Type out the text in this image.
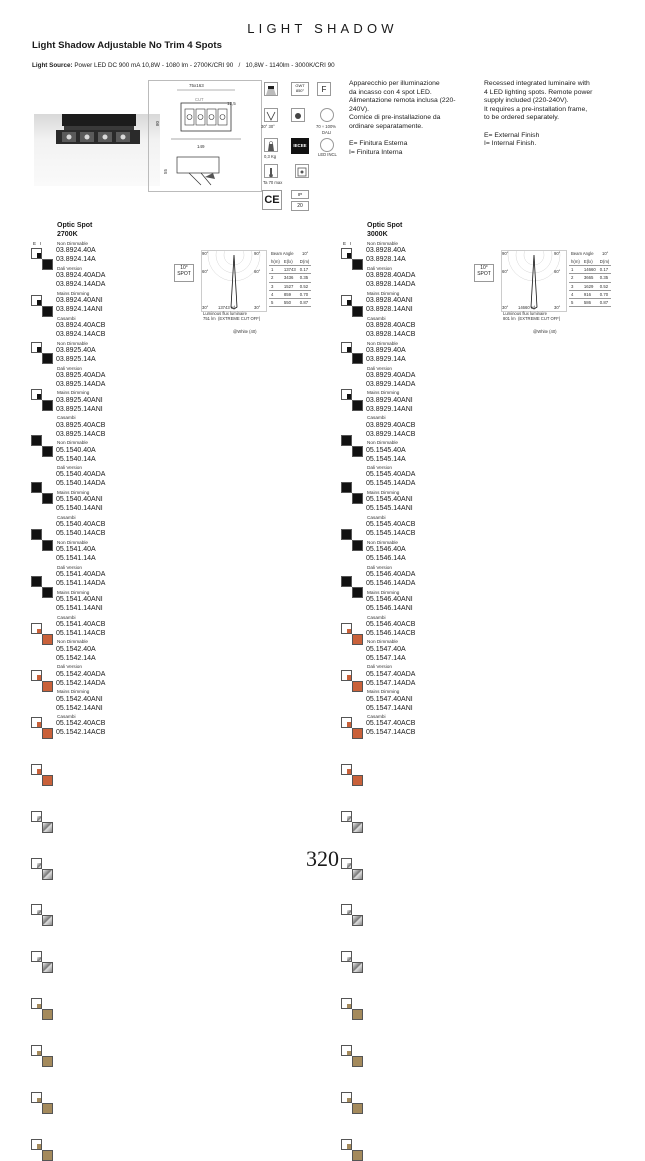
LIGHT SHADOW
Light Shadow Adjustable No Trim 4 Spots
Light Source: Power LED DC 900 mA 10,8W - 1080 lm - 2700K/CRI 90   /   10,8W - 1140lm - 3000K/CRI 90
75x163
CUT
12,5
80
149
55
GWT
850°	F
30° 30°	70 ÷ 100%
DALI
0,3 Kg
IECEE
LED INCL
Ta 70 max
CE	IP
20
Apparecchio per illuminazione
da incasso con 4 spot LED.
Alimentazione remota inclusa (220-
240V).
Cornice di pre-installazione da
ordinare separatamente.

E= Finitura Esterna
I= Finitura Interna
Recessed integrated luminaire with
4 LED lighting spots. Remote power
supply included (220-240V).
It requires a pre-installation frame,
to be ordered separately.

E= External Finish
I= Internal Finish.
Optic Spot
2700K
E   I	Non Dimmable
03.8924.40A
03.8924.14A
Dali Version
03.8924.40ADA
03.8924.14ADA
Mains Dimming
03.8924.40ANI
03.8924.14ANI
Casambi
03.8924.40ACB
03.8924.14ACB
Non Dimmable
03.8925.40A
03.8925.14A
Dali Version
03.8925.40ADA
03.8925.14ADA
Mains Dimming
03.8925.40ANI
03.8925.14ANI
Casambi
03.8925.40ACB
03.8925.14ACB
Non Dimmable
05.1540.40A
05.1540.14A
Dali Version
05.1540.40ADA
05.1540.14ADA
Mains Dimming
05.1540.40ANI
05.1540.14ANI
Casambi
05.1540.40ACB
05.1540.14ACB
Non Dimmable
05.1541.40A
05.1541.14A
Dali Version
05.1541.40ADA
05.1541.14ADA
Mains Dimming
05.1541.40ANI
05.1541.14ANI
Casambi
05.1541.40ACB
05.1541.14ACB
Non Dimmable
05.1542.40A
05.1542.14A
Dali Version
05.1542.40ADA
05.1542.14ADA
Mains Dimming
05.1542.40ANI
05.1542.14ANI
Casambi
05.1542.40ACB
05.1542.14ACB
10°
SPOT
90°	90°
60°	60°
30° 13743 cd	30°
Luminous flux luminaire
751 lm (EXTREME CUT OFF)
@White (40)
Beam Angle 10°
h(m)	E(lx)	D(m)
1	13743	0.17
2	3436	0.35
3	1527	0.52
4	859	0.70
5	550	0.87
Optic Spot
3000K
E   I	Non Dimmable
03.8928.40A
03.8928.14A
Dali Version
03.8928.40ADA
03.8928.14ADA
Mains Dimming
03.8928.40ANI
03.8928.14ANI
Casambi
03.8928.40ACB
03.8928.14ACB
Non Dimmable
03.8929.40A
03.8929.14A
Dali Version
03.8929.40ADA
03.8929.14ADA
Mains Dimming
03.8929.40ANI
03.8929.14ANI
Casambi
03.8929.40ACB
03.8929.14ACB
Non Dimmable
05.1545.40A
05.1545.14A
Dali Version
05.1545.40ADA
05.1545.14ADA
Mains Dimming
05.1545.40ANI
05.1545.14ANI
Casambi
05.1545.40ACB
05.1545.14ACB
Non Dimmable
05.1546.40A
05.1546.14A
Dali Version
05.1546.40ADA
05.1546.14ADA
Mains Dimming
05.1546.40ANI
05.1546.14ANI
Casambi
05.1546.40ACB
05.1546.14ACB
Non Dimmable
05.1547.40A
05.1547.14A
Dali Version
05.1547.40ADA
05.1547.14ADA
Mains Dimming
05.1547.40ANI
05.1547.14ANI
Casambi
05.1547.40ACB
05.1547.14ACB
10°
SPOT
90°	90°
60°	60°
30° 14660 cd	30°
Luminous flux luminaire
801 lm (EXTREME CUT OFF)
@White (40)
Beam Angle 10°
h(m)	E(lx)	D(m)
1	14660	0.17
2	3665	0.35
3	1629	0.52
4	916	0.70
5	586	0.87
320
